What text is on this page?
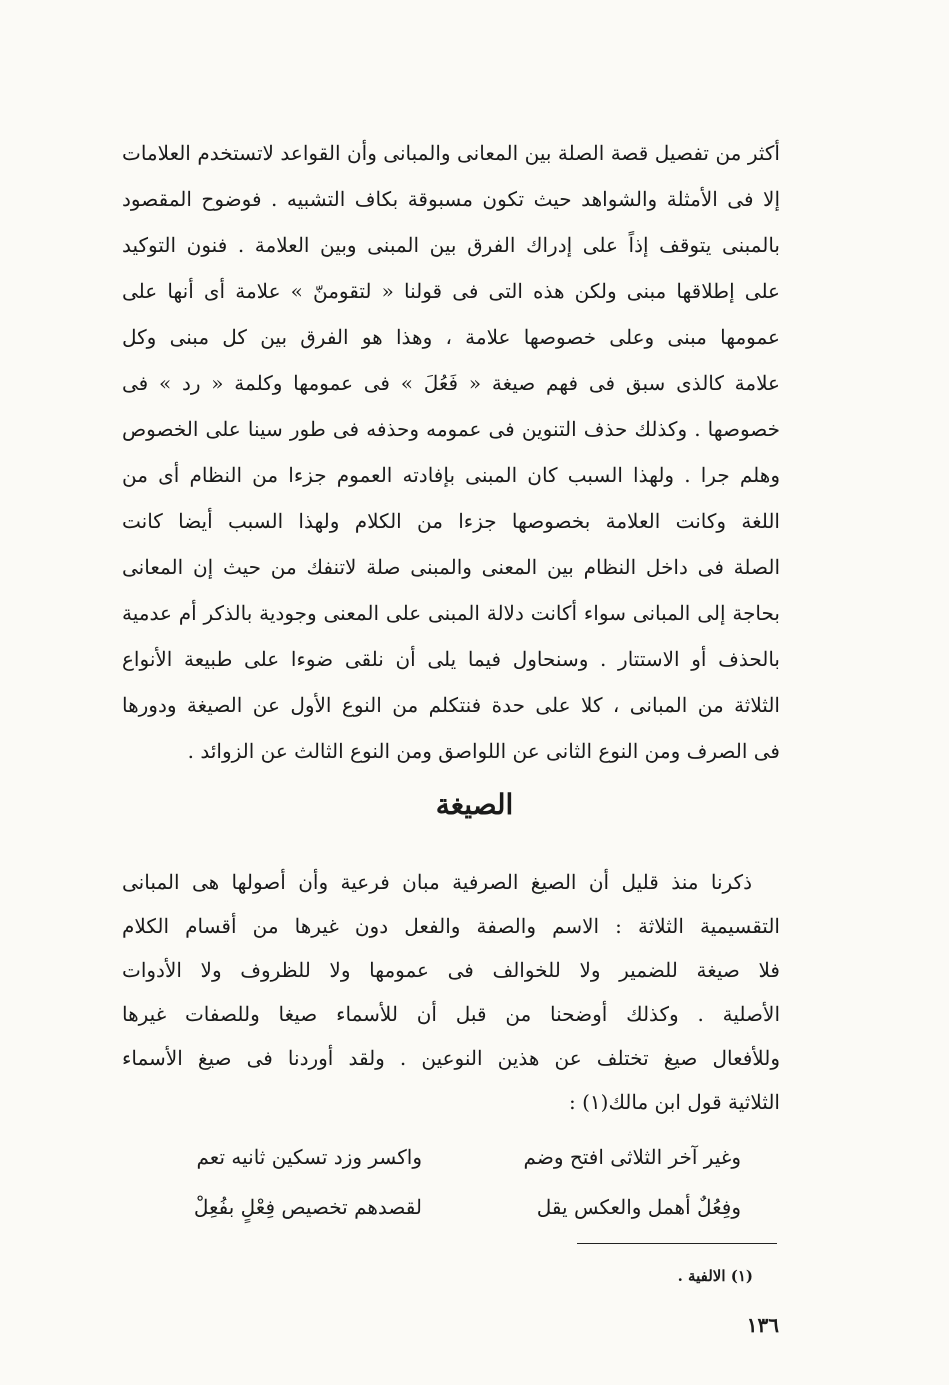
أكثر من تفصيل قصة الصلة بين المعانى والمبانى وأن القواعد لاتستخدم العلامات
إلا فى الأمثلة والشواهد حيث تكون مسبوقة بكاف التشبيه . فوضوح المقصود
بالمبنى يتوقف إذاً على إدراك الفرق بين المبنى وبين العلامة . فنون التوكيد
على إطلاقها مبنى ولكن هذه التى فى قولنا « لتقومنّ » علامة أى أنها على
عمومها مبنى وعلى خصوصها علامة ، وهذا هو الفرق بين كل مبنى وكل
علامة كالذى سبق فى فهم صيغة « فَعُلَ » فى عمومها وكلمة « رد » فى
خصوصها . وكذلك حذف التنوين فى عمومه وحذفه فى طور سينا على الخصوص
وهلم جرا . ولهذا السبب كان المبنى بإفادته العموم جزءا من النظام أى من
اللغة وكانت العلامة بخصوصها جزءا من الكلام ولهذا السبب أيضا كانت
الصلة فى داخل النظام بين المعنى والمبنى صلة لاتنفك من حيث إن المعانى
بحاجة إلى المبانى سواء أكانت دلالة المبنى على المعنى وجودية بالذكر أم عدمية
بالحذف أو الاستتار . وسنحاول فيما يلى أن نلقى ضوءا على طبيعة الأنواع
الثلاثة من المبانى ، كلا على حدة فنتكلم من النوع الأول عن الصيغة ودورها
فى الصرف ومن النوع الثانى عن اللواصق ومن النوع الثالث عن الزوائد .
الصيغة
ذكرنا منذ قليل أن الصيغ الصرفية مبان فرعية وأن أصولها هى المبانى
التقسيمية الثلاثة : الاسم والصفة والفعل دون غيرها من أقسام الكلام
فلا صيغة للضمير ولا للخوالف فى عمومها ولا للظروف ولا الأدوات
الأصلية . وكذلك أوضحنا من قبل أن للأسماء صيغا وللصفات غيرها
وللأفعال صيغ تختلف عن هذين النوعين . ولقد أوردنا فى صيغ الأسماء
الثلاثية قول ابن مالك(١) :
وغير آخر الثلاثى افتح وضم
واكسر وزد تسكين ثانيه تعم
وفِعُلٌ أهمل والعكس يقل
لقصدهم تخصيص فِعْلٍ بفُعِلْ
(١) الالفية .
١٣٦
